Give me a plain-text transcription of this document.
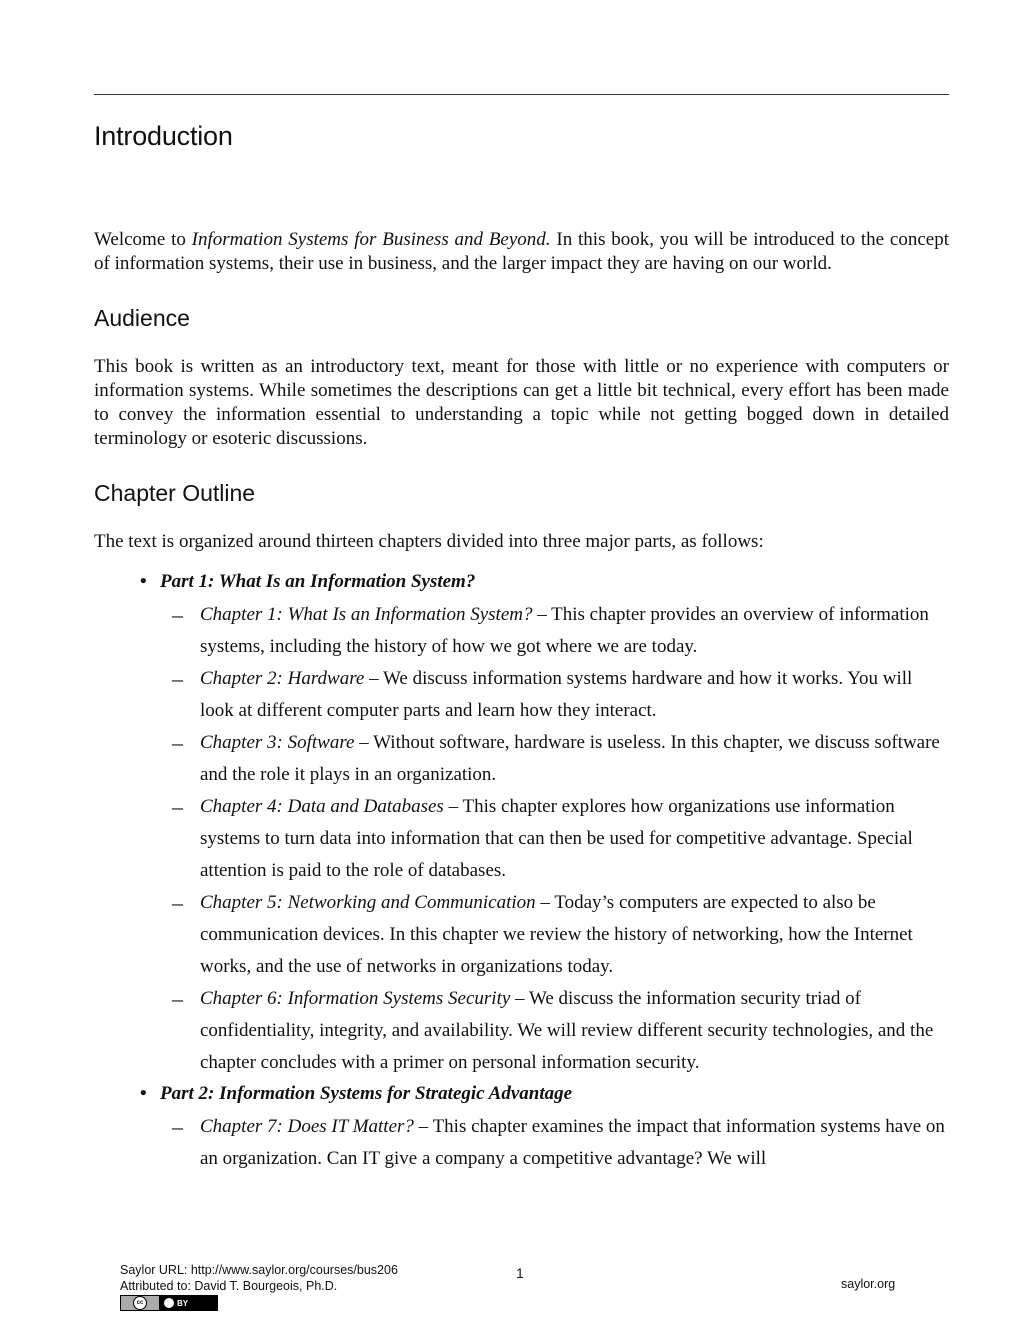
Introduction

Welcome to Information Systems for Business and Beyond. In this book, you will be introduced to the concept of information systems, their use in business, and the larger impact they are having on our world.

Audience

This book is written as an introductory text, meant for those with little or no experience with computers or information systems. While sometimes the descriptions can get a little bit technical, every effort has been made to convey the information essential to understanding a topic while not getting bogged down in detailed terminology or esoteric discussions.

Chapter Outline

The text is organized around thirteen chapters divided into three major parts, as follows:

• Part 1: What Is an Information System?

– Chapter 1: What Is an Information System? – This chapter provides an overview of information systems, including the history of how we got where we are today.

– Chapter 2: Hardware – We discuss information systems hardware and how it works. You will look at different computer parts and learn how they interact.

– Chapter 3: Software – Without software, hardware is useless. In this chapter, we discuss software and the role it plays in an organization.

– Chapter 4: Data and Databases – This chapter explores how organizations use information systems to turn data into information that can then be used for competitive advantage. Special attention is paid to the role of databases.

– Chapter 5: Networking and Communication – Today’s computers are expected to also be communication devices. In this chapter we review the history of networking, how the Internet works, and the use of networks in organizations today.

– Chapter 6: Information Systems Security – We discuss the information security triad of confidentiality, integrity, and availability. We will review different security technologies, and the chapter concludes with a primer on personal information security.

• Part 2: Information Systems for Strategic Advantage

– Chapter 7: Does IT Matter? – This chapter examines the impact that information systems have on an organization. Can IT give a company a competitive advantage? We will

Saylor URL: http://www.saylor.org/courses/bus206
Attributed to: David T. Bourgeois, Ph.D.
1
saylor.org
cc	BY
